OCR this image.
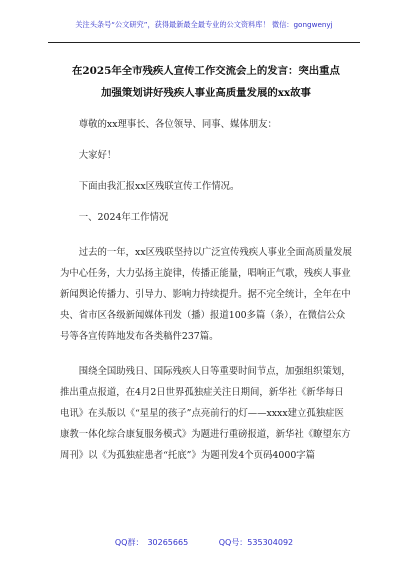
关注头条号“公文研究”，获得最新最全最专业的公文资料库！ 微信：gongwenyj

在2025年全市残疾人宣传工作交流会上的发言：突出重点

加强策划讲好残疾人事业高质量发展的xx故事

尊敬的xx理事长、各位领导、同事、媒体朋友：

大家好！

下面由我汇报xx区残联宣传工作情况。

一、2024年工作情况

过去的一年，xx区残联坚持以广泛宣传残疾人事业全面高质量发展为中心任务，大力弘扬主旋律，传播正能量，唱响正气歌，残疾人事业新闻舆论传播力、引导力、影响力持续提升。据不完全统计，全年在中央、省市区各级新闻媒体刊发（播）报道100多篇（条），在微信公众号等各宣传阵地发布各类稿件237篇。

围绕全国助残日、国际残疾人日等重要时间节点，加强组织策划，推出重点报道，在4月2日世界孤独症关注日期间，新华社《新华每日电讯》在头版以《“星星的孩子”点亮前行的灯——xxxx建立孤独症医康教一体化综合康复服务模式》为题进行重磅报道，新华社《瞭望东方周刊》以《为孤独症患者“托底”》为题刊发4个页码4000字篇

QQ群：　30265665	QQ号：535304092
